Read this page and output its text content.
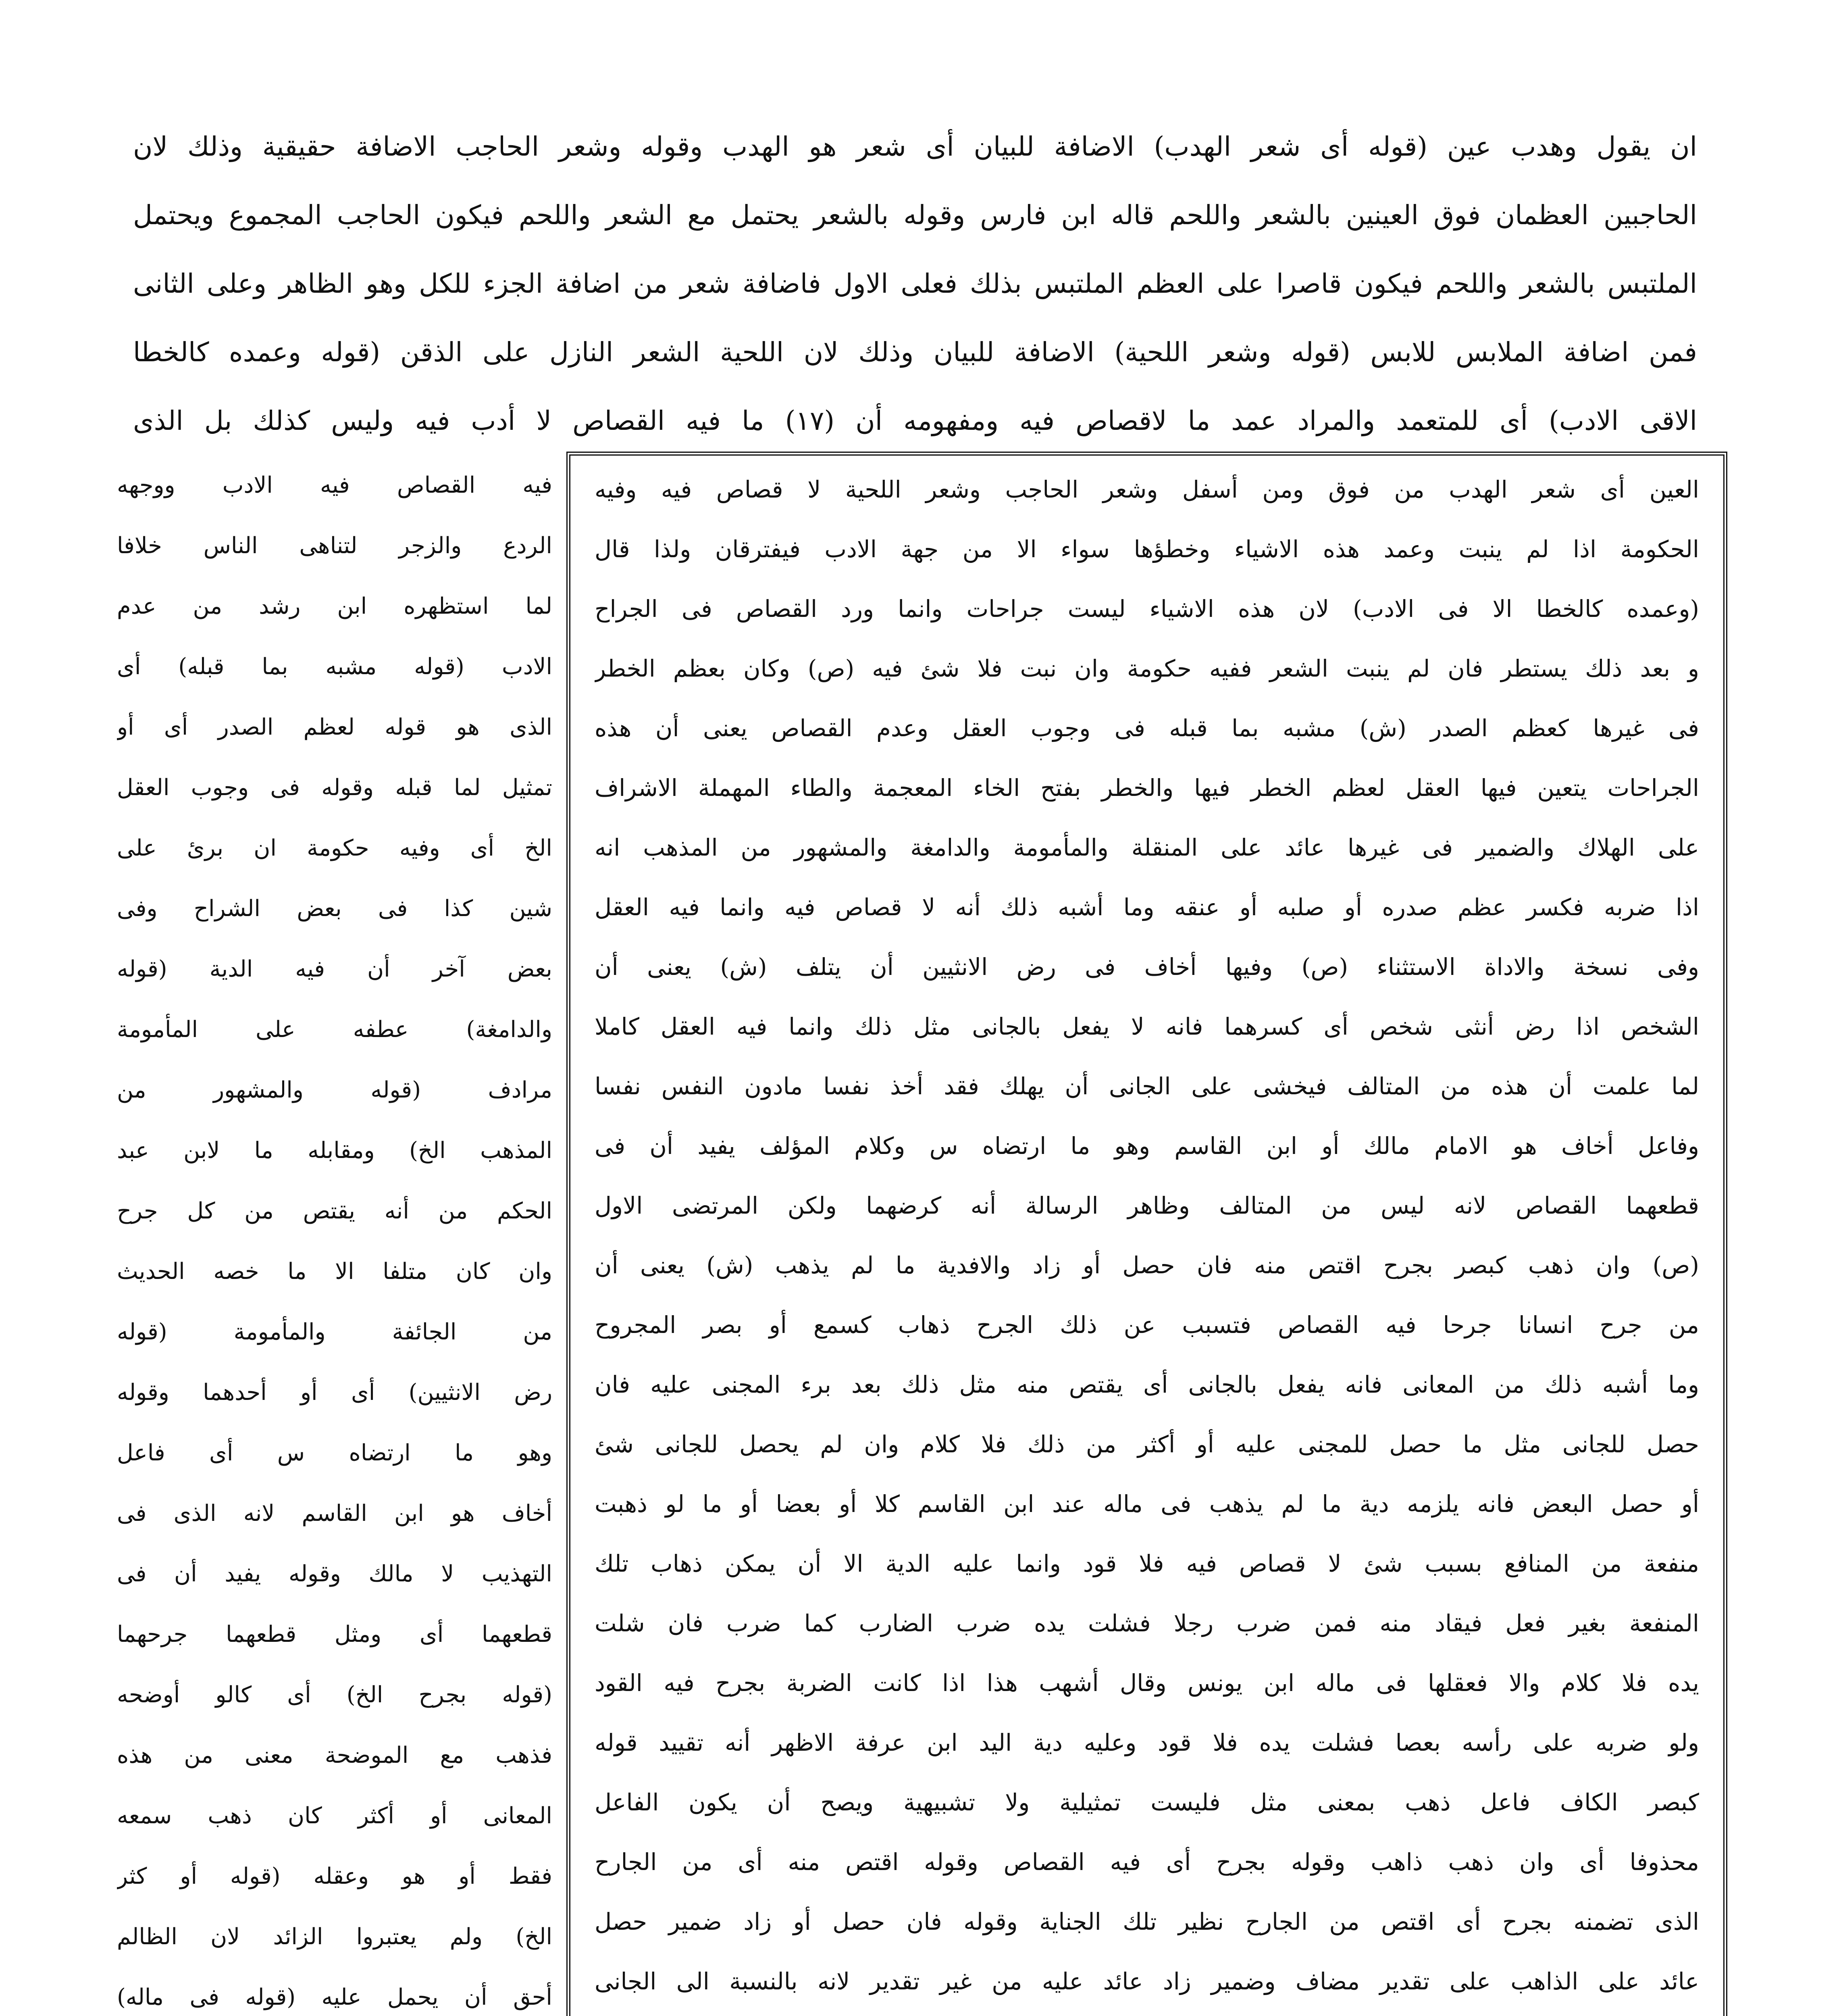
ان يقول وهدب عين (قوله أى شعر الهدب) الاضافة للبيان أى شعر هو الهدب وقوله وشعر الحاجب الاضافة حقيقية وذلك لان
الحاجبين العظمان فوق العينين بالشعر واللحم قاله ابن فارس وقوله بالشعر يحتمل مع الشعر واللحم فيكون الحاجب المجموع ويحتمل
الملتبس بالشعر واللحم فيكون قاصرا على العظم الملتبس بذلك فعلى الاول فاضافة شعر من اضافة الجزء للكل وهو الظاهر وعلى الثانى
فمن اضافة الملابس للابس (قوله وشعر اللحية) الاضافة للبيان وذلك لان اللحية الشعر النازل على الذقن (قوله وعمده كالخطا
الاقى الادب) أى للمتعمد والمراد عمد ما لاقصاص فيه ومفهومه أن (١٧) ما فيه القصاص لا أدب فيه وليس كذلك بل الذى
العين أى شعر الهدب من فوق ومن أسفل وشعر الحاجب وشعر اللحية لا قصاص فيه وفيه
الحكومة اذا لم ينبت وعمد هذه الاشياء وخطؤها سواء الا من جهة الادب فيفترقان ولذا قال
(وعمده كالخطا الا فى الادب) لان هذه الاشياء ليست جراحات وانما ورد القصاص فى الجراح
و بعد ذلك يستطر فان لم ينبت الشعر ففيه حكومة وان نبت فلا شئ فيه (ص) وكان بعظم الخطر
فى غيرها كعظم الصدر (ش) مشبه بما قبله فى وجوب العقل وعدم القصاص يعنى أن هذه
الجراحات يتعين فيها العقل لعظم الخطر فيها والخطر بفتح الخاء المعجمة والطاء المهملة الاشراف
على الهلاك والضمير فى غيرها عائد على المنقلة والمأمومة والدامغة والمشهور من المذهب انه
اذا ضربه فكسر عظم صدره أو صلبه أو عنقه وما أشبه ذلك أنه لا قصاص فيه وانما فيه العقل
وفى نسخة والاداة الاستثناء (ص) وفيها أخاف فى رض الانثيين أن يتلف (ش) يعنى أن
الشخص اذا رض أنثى شخص أى كسرهما فانه لا يفعل بالجانى مثل ذلك وانما فيه العقل كاملا
لما علمت أن هذه من المتالف فيخشى على الجانى أن يهلك فقد أخذ نفسا مادون النفس نفسا
وفاعل أخاف هو الامام مالك أو ابن القاسم وهو ما ارتضاه س وكلام المؤلف يفيد أن فى
قطعهما القصاص لانه ليس من المتالف وظاهر الرسالة أنه كرضهما ولكن المرتضى الاول
(ص) وان ذهب كبصر بجرح اقتص منه فان حصل أو زاد والافدية ما لم يذهب (ش) يعنى أن
من جرح انسانا جرحا فيه القصاص فتسبب عن ذلك الجرح ذهاب كسمع أو بصر المجروح
وما أشبه ذلك من المعانى فانه يفعل بالجانى أى يقتص منه مثل ذلك بعد برء المجنى عليه فان
حصل للجانى مثل ما حصل للمجنى عليه أو أكثر من ذلك فلا كلام وان لم يحصل للجانى شئ
أو حصل البعض فانه يلزمه دية ما لم يذهب فى ماله عند ابن القاسم كلا أو بعضا أو ما لو ذهبت
منفعة من المنافع بسبب شئ لا قصاص فيه فلا قود وانما عليه الدية الا أن يمكن ذهاب تلك
المنفعة بغير فعل فيقاد منه فمن ضرب رجلا فشلت يده ضرب الضارب كما ضرب فان شلت
يده فلا كلام والا فعقلها فى ماله ابن يونس وقال أشهب هذا اذا كانت الضربة بجرح فيه القود
ولو ضربه على رأسه بعصا فشلت يده فلا قود وعليه دية اليد ابن عرفة الاظهر أنه تقييد قوله
كبصر الكاف فاعل ذهب بمعنى مثل فليست تمثيلية ولا تشبيهية ويصح أن يكون الفاعل
محذوفا أى وان ذهب ذاهب وقوله بجرح أى فيه القصاص وقوله اقتص منه أى من الجارح
الذى تضمنه بجرح أى اقتص من الجارح نظير تلك الجناية وقوله فان حصل أو زاد ضمير حصل
عائد على الذاهب على تقدير مضاف وضمير زاد عائد عليه من غير تقدير لانه بالنسبة الى الجانى
فيه القصاص فيه الادب ووجهه
الردع والزجر لتناهى الناس خلافا
لما استظهره ابن رشد من عدم
الادب (قوله مشبه بما قبله) أى
الذى هو قوله لعظم الصدر أى أو
تمثيل لما قبله وقوله فى وجوب العقل
الخ أى وفيه حكومة ان برئ على
شين كذا فى بعض الشراح وفى
بعض آخر أن فيه الدية (قوله
والدامغة) عطفه على المأمومة
مرادف (قوله والمشهور من
المذهب الخ) ومقابله ما لابن عبد
الحكم من أنه يقتص من كل جرح
وان كان متلفا الا ما خصه الحديث
من الجائفة والمأمومة (قوله
رض الانثيين) أى أو أحدهما وقوله
وهو ما ارتضاه س أى فاعل
أخاف هو ابن القاسم لانه الذى فى
التهذيب لا مالك وقوله يفيد أن فى
قطعهما أى ومثل قطعهما جرحهما
(قوله بجرح الخ) أى كالو أوضحه
فذهب مع الموضحة معنى من هذه
المعانى أو أكثر كان ذهب سمعه
فقط أو هو وعقله (قوله أو كثر
الخ) ولم يعتبروا الزائد لان الظالم
أحق أن يحمل عليه (قوله فى ماله)
